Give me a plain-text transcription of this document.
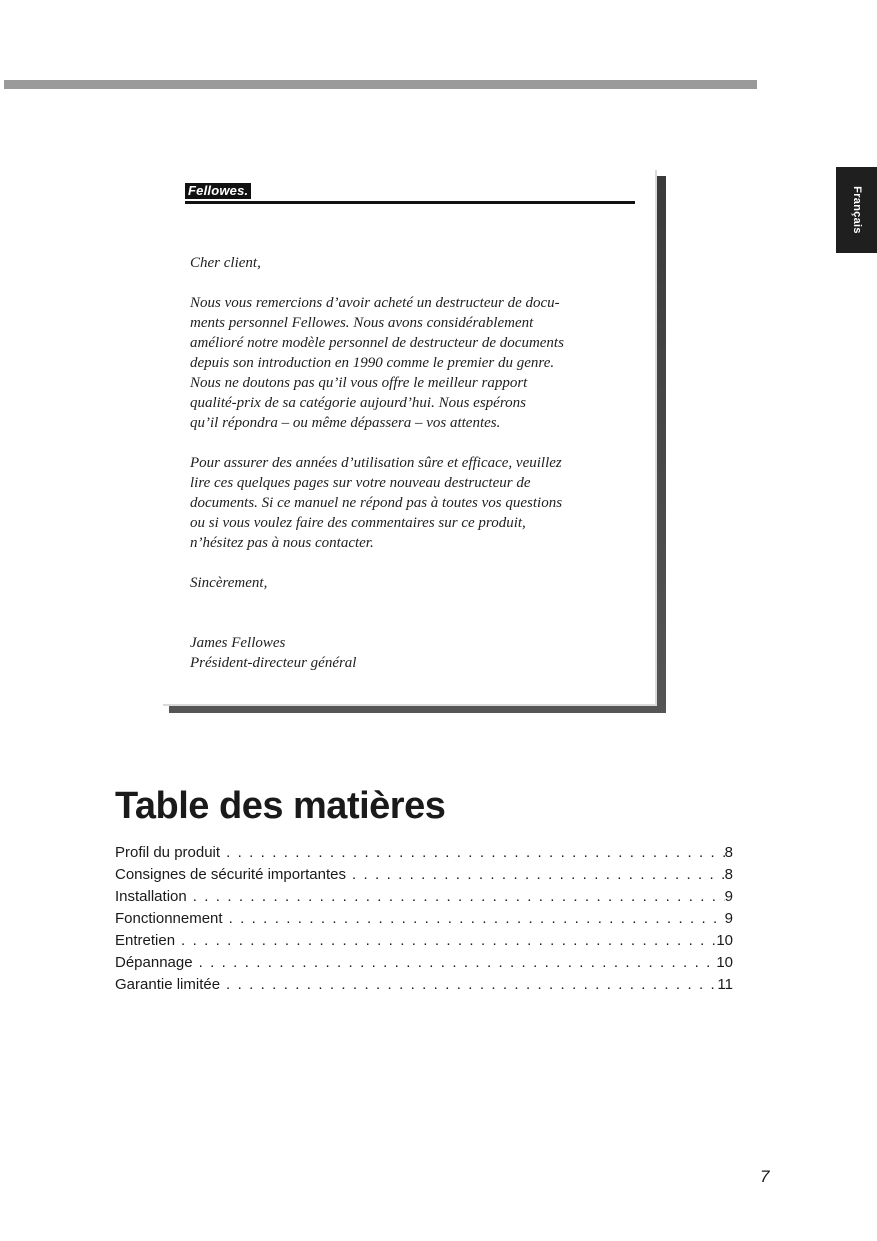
Français
Fellowes.

Cher client,

Nous vous remercions d’avoir acheté un destructeur de docu-

ments personnel Fellowes. Nous avons considérablement

amélioré notre modèle personnel de destructeur de documents

depuis son introduction en 1990 comme le premier du genre.

Nous ne doutons pas qu’il vous offre le meilleur rapport

qualité-prix de sa catégorie aujourd’hui. Nous espérons

qu’il répondra – ou même dépassera – vos attentes.

Pour assurer des années d’utilisation sûre et efficace, veuillez

lire ces quelques pages sur votre nouveau destructeur de

documents. Si ce manuel ne répond pas à toutes vos questions

ou si vous voulez faire des commentaires sur ce produit,

n’hésitez pas à nous contacter.

Sincèrement,

James Fellowes

Président-directeur général

Table des matières
Profil du produit . . .	8
Consignes de sécurité importantes . . .	8
Installation . . .	9
Fonctionnement . . .	9
Entretien . . .	10
Dépannage . . .	10
Garantie limitée . . .	11
7
